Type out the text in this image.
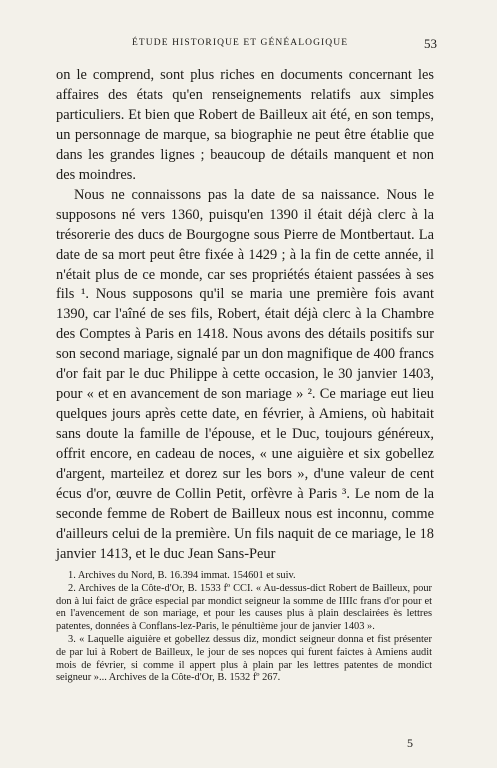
ÉTUDE HISTORIQUE ET GÉNÉALOGIQUE	53

on le comprend, sont plus riches en documents concernant les affaires des états qu'en renseignements relatifs aux simples particuliers. Et bien que Robert de Bailleux ait été, en son temps, un personnage de marque, sa biographie ne peut être établie que dans les grandes lignes ; beaucoup de détails manquent et non des moindres.

Nous ne connaissons pas la date de sa naissance. Nous le supposons né vers 1360, puisqu'en 1390 il était déjà clerc à la trésorerie des ducs de Bourgogne sous Pierre de Montbertaut. La date de sa mort peut être fixée à 1429 ; à la fin de cette année, il n'était plus de ce monde, car ses propriétés étaient passées à ses fils ¹. Nous supposons qu'il se maria une première fois avant 1390, car l'aîné de ses fils, Robert, était déjà clerc à la Chambre des Comptes à Paris en 1418. Nous avons des détails positifs sur son second mariage, signalé par un don magnifique de 400 francs d'or fait par le duc Philippe à cette occasion, le 30 janvier 1403, pour « et en avancement de son mariage » ². Ce mariage eut lieu quelques jours après cette date, en février, à Amiens, où habitait sans doute la famille de l'épouse, et le Duc, toujours généreux, offrit encore, en cadeau de noces, « une aiguière et six gobellez d'argent, marteilez et dorez sur les bors », d'une valeur de cent écus d'or, œuvre de Collin Petit, orfèvre à Paris ³. Le nom de la seconde femme de Robert de Bailleux nous est inconnu, comme d'ailleurs celui de la première. Un fils naquit de ce mariage, le 18 janvier 1413, et le duc Jean Sans-Peur

1. Archives du Nord, B. 16.394 immat. 154601 et suiv.

2. Archives de la Côte-d'Or, B. 1533 fº CCI. « Au-dessus-dict Robert de Bailleux, pour don à lui faict de grâce especial par mondict seigneur la somme de IIIIc frans d'or pour et en l'avencement de son mariage, et pour les causes plus à plain desclairées ès lettres patentes, données à Conflans-lez-Paris, le pénultième jour de janvier 1403 ».

3. « Laquelle aiguière et gobellez dessus diz, mondict seigneur donna et fist présenter de par lui à Robert de Bailleux, le jour de ses nopces qui furent faictes à Amiens audit mois de février, si comme il appert plus à plain par les lettres patentes de mondict seigneur »... Archives de la Côte-d'Or, B. 1532 fº 267.

5
